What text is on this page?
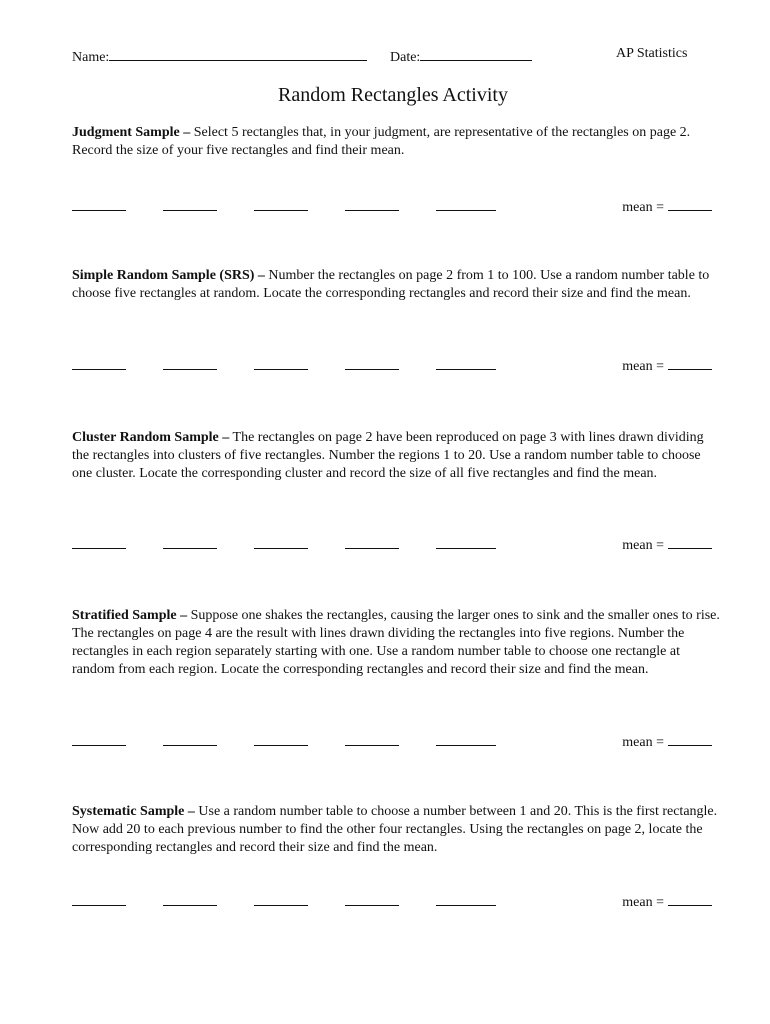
Name:	Date:	AP Statistics
Random Rectangles Activity

Judgment Sample – Select 5 rectangles that, in your judgment, are representative of the rectangles on page 2. Record the size of your five rectangles and find their mean.

mean =

Simple Random Sample (SRS) – Number the rectangles on page 2 from 1 to 100. Use a random number table to choose five rectangles at random. Locate the corresponding rectangles and record their size and find the mean.

mean =

Cluster Random Sample – The rectangles on page 2 have been reproduced on page 3 with lines drawn dividing the rectangles into clusters of five rectangles. Number the regions 1 to 20. Use a random number table to choose one cluster. Locate the corresponding cluster and record the size of all five rectangles and find the mean.

mean =

Stratified Sample – Suppose one shakes the rectangles, causing the larger ones to sink and the smaller ones to rise. The rectangles on page 4 are the result with lines drawn dividing the rectangles into five regions. Number the rectangles in each region separately starting with one. Use a random number table to choose one rectangle at random from each region. Locate the corresponding rectangles and record their size and find the mean.

mean =

Systematic Sample – Use a random number table to choose a number between 1 and 20. This is the first rectangle. Now add 20 to each previous number to find the other four rectangles. Using the rectangles on page 2, locate the corresponding rectangles and record their size and find the mean.

mean =
